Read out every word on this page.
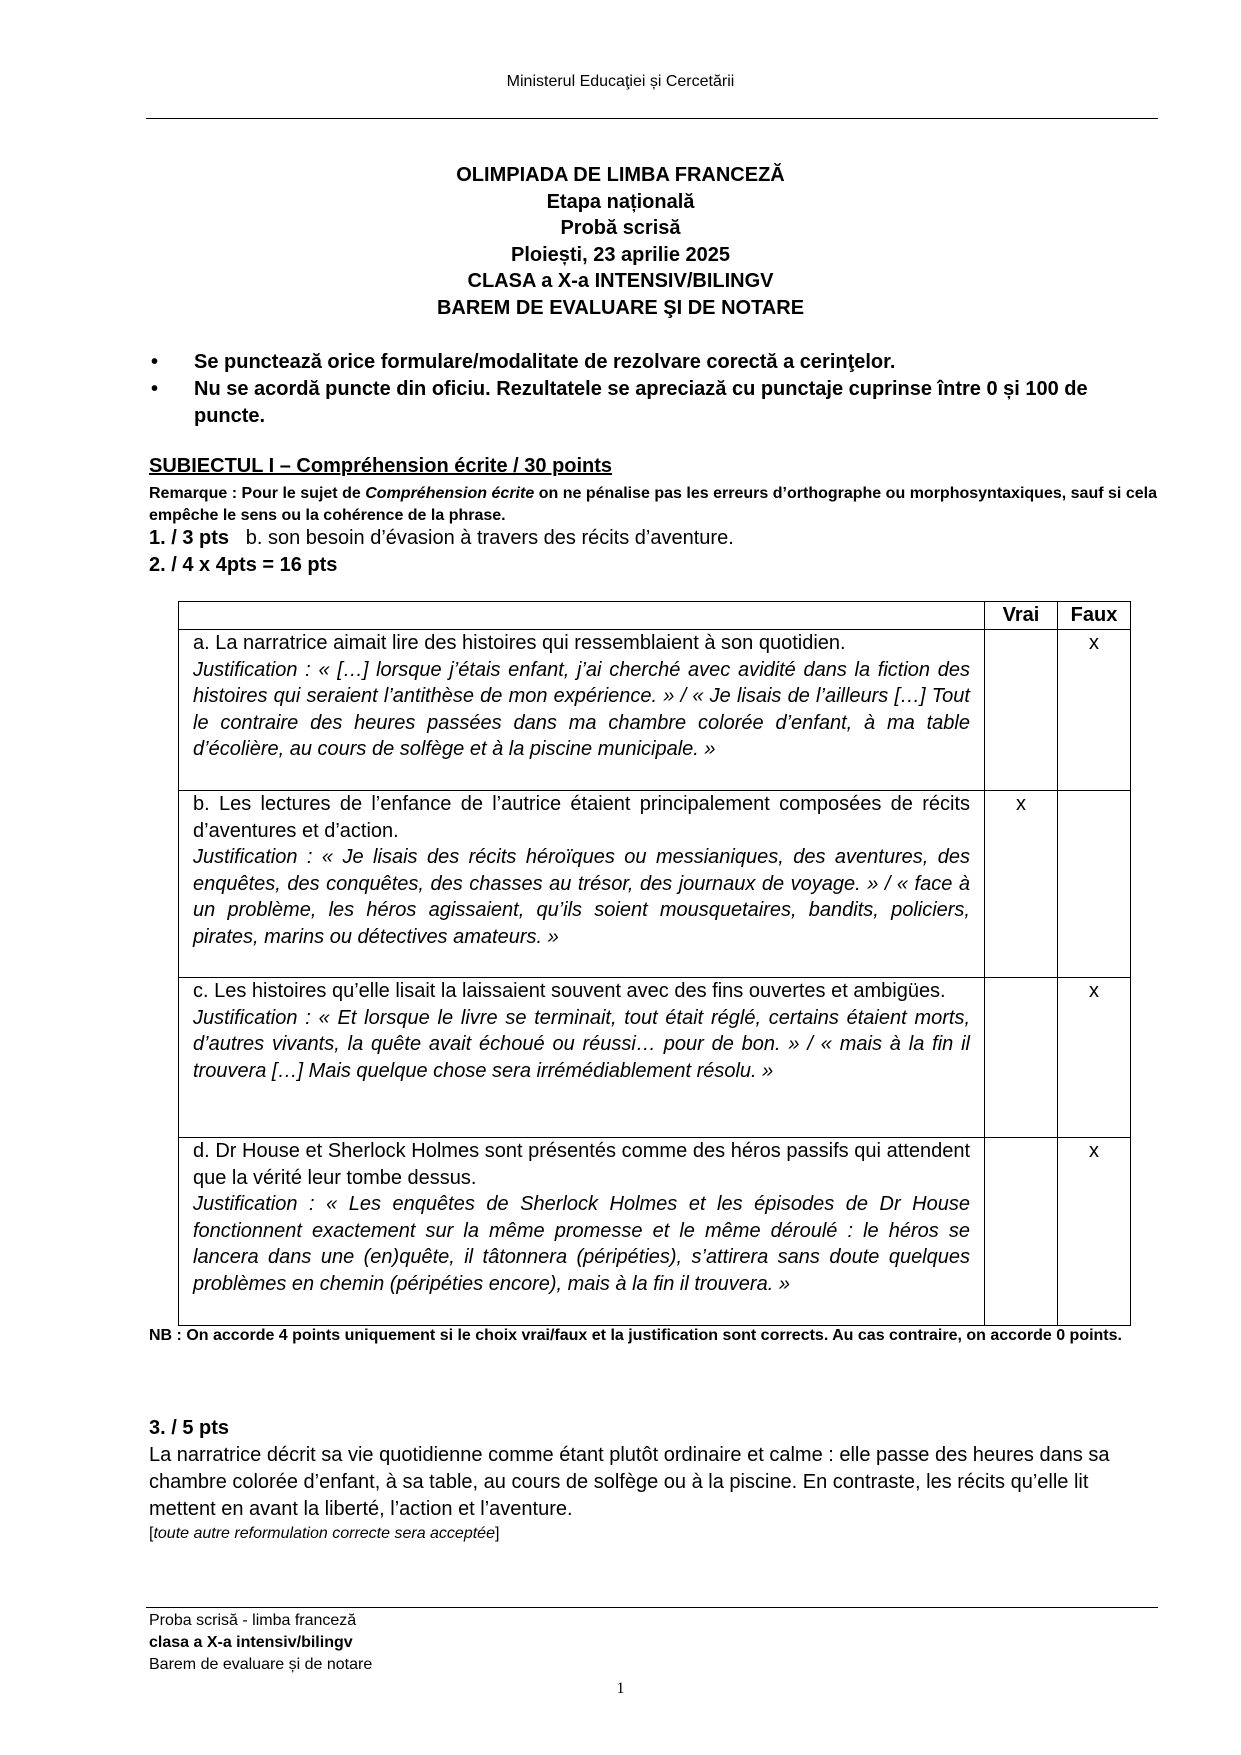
Ministerul Educaţiei și Cercetării
OLIMPIADA DE LIMBA FRANCEZĂ
Etapa națională
Probă scrisă
Ploiești, 23 aprilie 2025
CLASA a X-a INTENSIV/BILINGV
BAREM DE EVALUARE ŞI DE NOTARE
• Se punctează orice formulare/modalitate de rezolvare corectă a cerinţelor.
• Nu se acordă puncte din oficiu. Rezultatele se apreciază cu punctaje cuprinse între 0 și 100 de puncte.
SUBIECTUL I – Compréhension écrite / 30 points
Remarque : Pour le sujet de Compréhension écrite on ne pénalise pas les erreurs d’orthographe ou morphosyntaxiques, sauf si cela empêche le sens ou la cohérence de la phrase.
1. / 3 pts b. son besoin d’évasion à travers des récits d’aventure.
2. / 4 x 4pts = 16 pts
	Vrai	Faux

a. La narratrice aimait lire des histoires qui ressemblaient à son quotidien.
Justification : « […] lorsque j’étais enfant, j’ai cherché avec avidité dans la fiction des histoires qui seraient l’antithèse de mon expérience. » / « Je lisais de l’ailleurs […] Tout le contraire des heures passées dans ma chambre colorée d’enfant, à ma table d’écolière, au cours de solfège et à la piscine municipale. »		x

b. Les lectures de l’enfance de l’autrice étaient principalement composées de récits d’aventures et d’action.
Justification : « Je lisais des récits héroïques ou messianiques, des aventures, des enquêtes, des conquêtes, des chasses au trésor, des journaux de voyage. » / « face à un problème, les héros agissaient, qu’ils soient mousquetaires, bandits, policiers, pirates, marins ou détectives amateurs. »	x	

c. Les histoires qu’elle lisait la laissaient souvent avec des fins ouvertes et ambigües.
Justification : « Et lorsque le livre se terminait, tout était réglé, certains étaient morts, d’autres vivants, la quête avait échoué ou réussi… pour de bon. » / « mais à la fin il trouvera […] Mais quelque chose sera irrémédiablement résolu. »		x

d. Dr House et Sherlock Holmes sont présentés comme des héros passifs qui attendent que la vérité leur tombe dessus.
Justification : « Les enquêtes de Sherlock Holmes et les épisodes de Dr House fonctionnent exactement sur la même promesse et le même déroulé : le héros se lancera dans une (en)quête, il tâtonnera (péripéties), s’attirera sans doute quelques problèmes en chemin (péripéties encore), mais à la fin il trouvera. »		x
NB : On accorde 4 points uniquement si le choix vrai/faux et la justification sont corrects. Au cas contraire, on accorde 0 points.
3. / 5 pts
La narratrice décrit sa vie quotidienne comme étant plutôt ordinaire et calme : elle passe des heures dans sa chambre colorée d’enfant, à sa table, au cours de solfège ou à la piscine. En contraste, les récits qu’elle lit mettent en avant la liberté, l’action et l’aventure.
[toute autre reformulation correcte sera acceptée]
Proba scrisă - limba franceză
clasa a X-a intensiv/bilingv
Barem de evaluare și de notare
1
